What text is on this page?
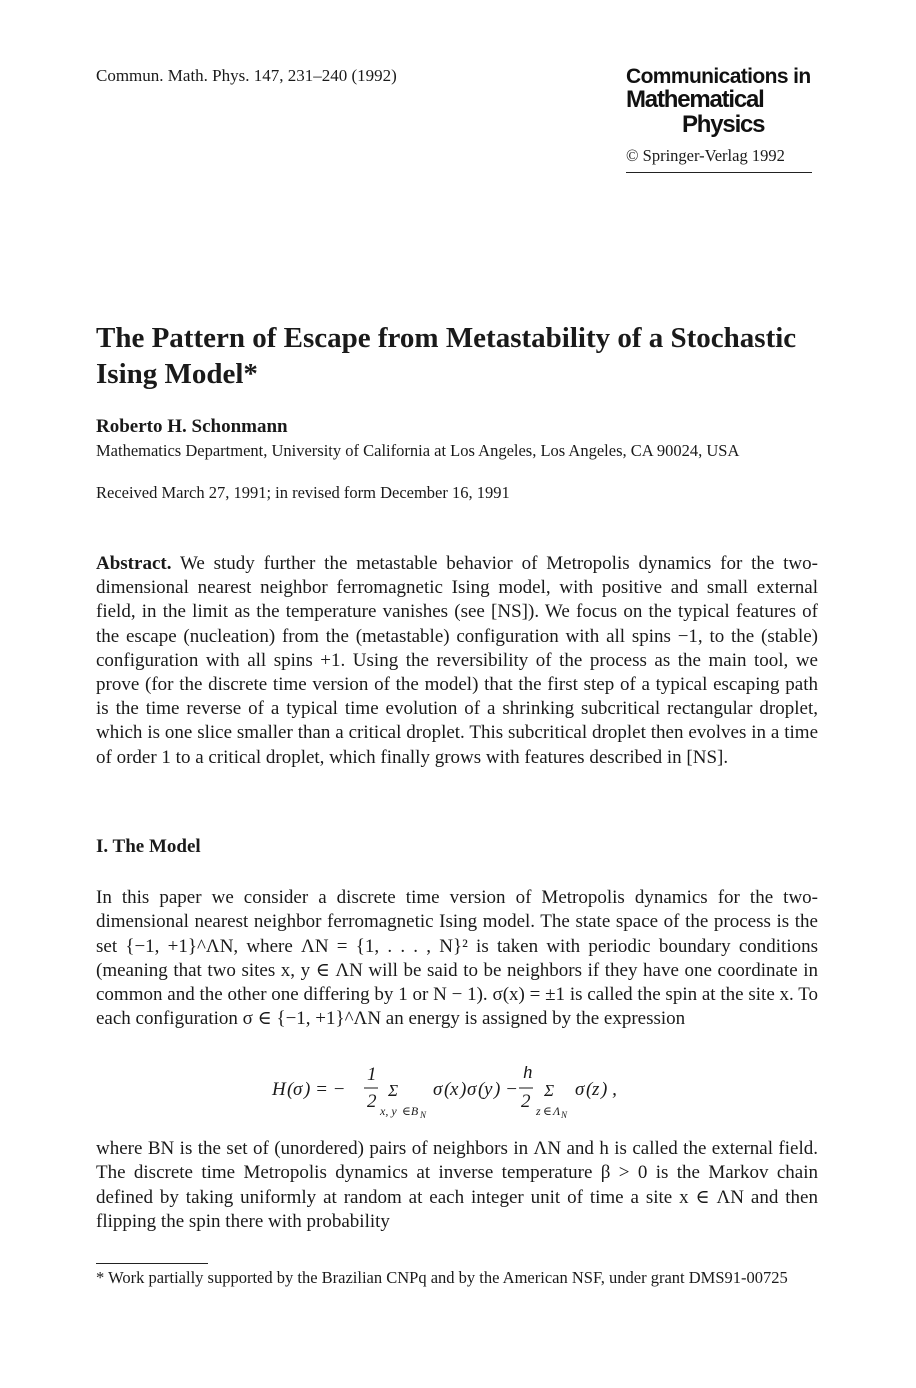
Commun. Math. Phys. 147, 231–240 (1992)	Communications in
Mathematical
Physics
© Springer-Verlag 1992
The Pattern of Escape from Metastability of a Stochastic Ising Model*
Roberto H. Schonmann
Mathematics Department, University of California at Los Angeles, Los Angeles, CA 90024, USA
Received March 27, 1991; in revised form December 16, 1991

Abstract. We study further the metastable behavior of Metropolis dynamics for the two-dimensional nearest neighbor ferromagnetic Ising model, with positive and small external field, in the limit as the temperature vanishes (see [NS]). We focus on the typical features of the escape (nucleation) from the (metastable) configuration with all spins −1, to the (stable) configuration with all spins +1. Using the reversibility of the process as the main tool, we prove (for the discrete time version of the model) that the first step of a typical escaping path is the time reverse of a typical time evolution of a shrinking subcritical rectangular droplet, which is one slice smaller than a critical droplet. This subcritical droplet then evolves in a time of order 1 to a critical droplet, which finally grows with features described in [NS].

I. The Model

In this paper we consider a discrete time version of Metropolis dynamics for the two-dimensional nearest neighbor ferromagnetic Ising model. The state space of the process is the set {−1, +1}^ΛN, where ΛN = {1, . . . , N}² is taken with periodic boundary conditions (meaning that two sites x, y ∈ ΛN will be said to be neighbors if they have one coordinate in common and the other one differing by 1 or N − 1). σ(x) = ±1 is called the spin at the site x. To each configuration σ ∈ {−1, +1}^ΛN an energy is assigned by the expression

H ( σ ) = −
1
2
Σ
x, y ∈B N
σ ( x ) σ ( y ) −
h
2
Σ
z ∈ Λ N
σ ( z ) ,

where BN is the set of (unordered) pairs of neighbors in ΛN and h is called the external field. The discrete time Metropolis dynamics at inverse temperature β > 0 is the Markov chain defined by taking uniformly at random at each integer unit of time a site x ∈ ΛN and then flipping the spin there with probability

* Work partially supported by the Brazilian CNPq and by the American NSF, under grant DMS91-00725
